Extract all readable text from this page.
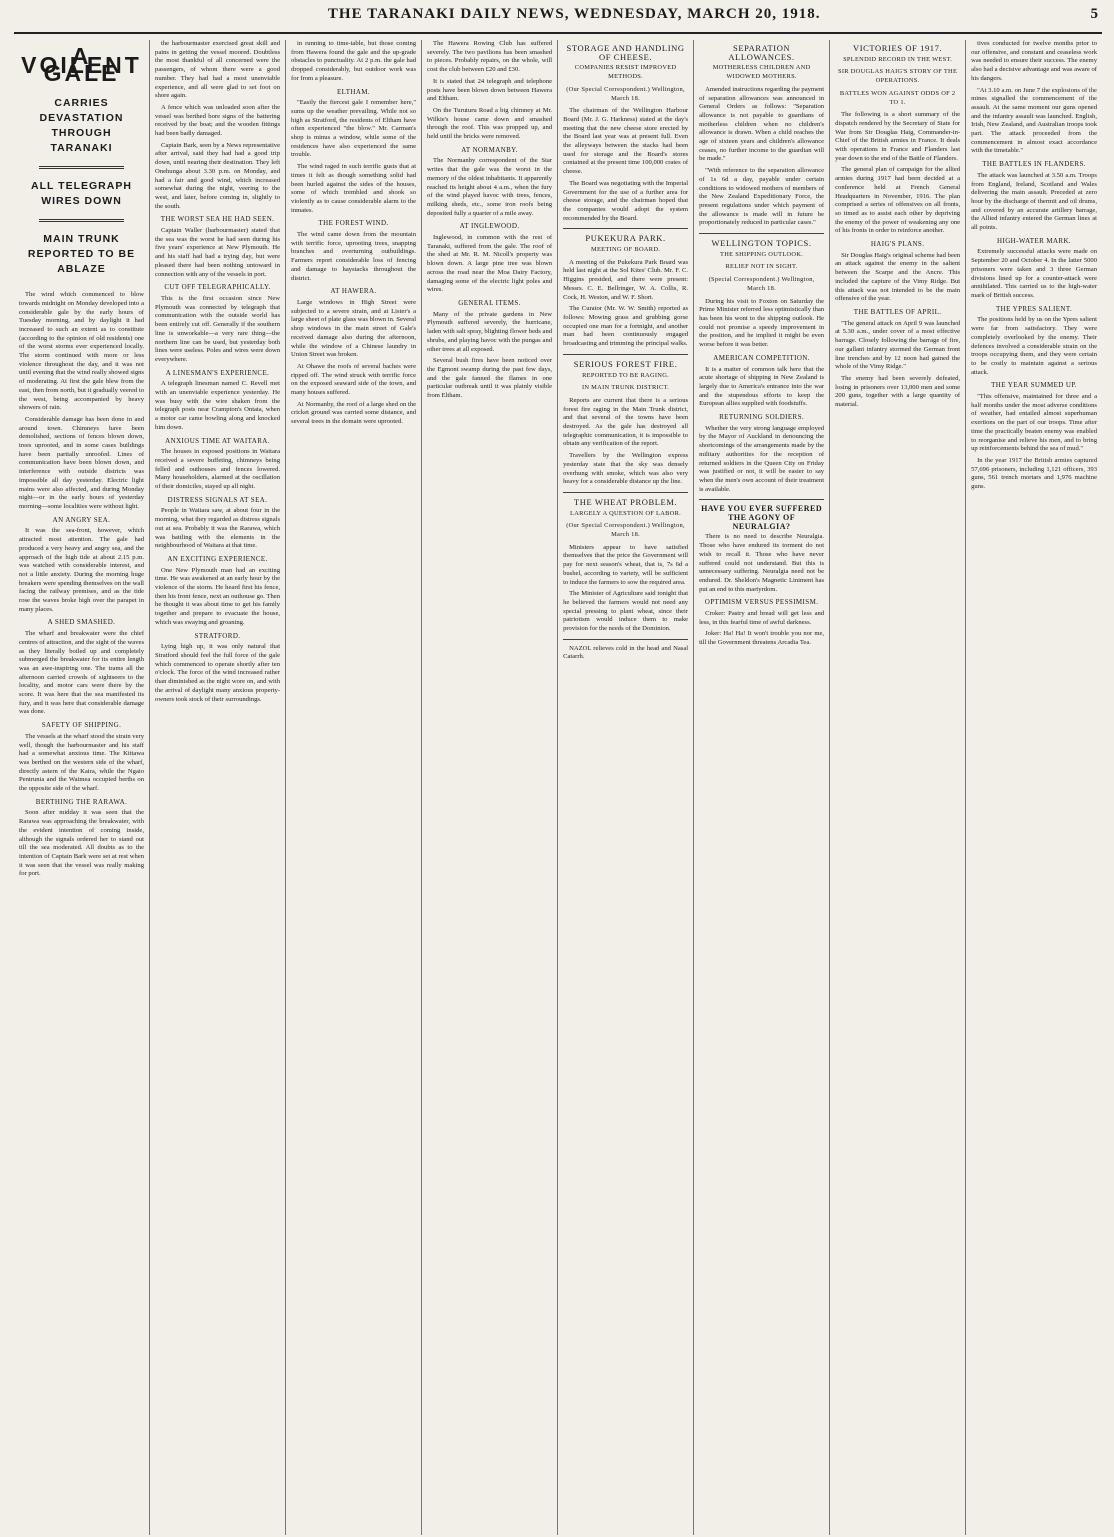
THE TARANAKI DAILY NEWS, WEDNESDAY, MARCH 20, 1918.	5
A VOILENT GALE
CARRIES DEVASTATION THROUGH TARANAKI
ALL TELEGRAPH WIRES DOWN
MAIN TRUNK REPORTED TO BE ABLAZE

The wind which commenced to blow towards midnight on Monday developed into a considerable gale by the early hours of Tuesday morning, and by daylight it had increased to such an extent as to constitute (according to the opinion of old residents) one of the worst storms ever experienced locally. The storm continued with more or less violence throughout the day, and it was not until evening that the wind really showed signs of moderating. At first the gale blew from the east, then from north, but it gradually veered to the west, being accompanied by heavy showers of rain.

Considerable damage has been done in and around town. Chimneys have been demolished, sections of fences blown down, trees uprooted, and in some cases buildings have been partially unroofed. Lines of communication have been blown down, and interference with outside districts was impossible all day yesterday. Electric light mains were also affected, and during Monday night—or in the early hours of yesterday morning—some localities were without light.

AN ANGRY SEA.

It was the sea-front, however, which attracted most attention. The gale had produced a very heavy and angry sea, and the approach of the high tide at about 2.15 p.m. was watched with considerable interest, and not a little anxiety. During the morning huge breakers were spending themselves on the wall facing the railway premises, and as the tide rose the waves broke high over the parapet in many places.

A SHED SMASHED.

The wharf and breakwater were the chief centres of attraction, and the sight of the waves as they literally boiled up and completely submerged the breakwater for its entire length was an awe-inspiring one. The trams all the afternoon carried crowds of sightseers to the locality, and motor cars were there by the score. It was here that the sea manifested its fury, and it was here that considerable damage was done.

SAFETY OF SHIPPING.

The vessels at the wharf stood the strain very well, though the harbourmaster and his staff had a somewhat anxious time. The Kittawa was berthed on the western side of the wharf, directly astern of the Kaira, while the Ngaio Pentrunia and the Waimea occupied berths on the opposite side of the wharf.

BERTHING THE RARAWA.

Soon after midday it was seen that the Rarawa was approaching the breakwater, with the evident intention of coming inside, although the signals ordered her to stand out till the sea moderated. All doubts as to the intention of Captain Bark were set at rest when it was seen that the vessel was really making for port.

the harbourmaster exercised great skill and pains in getting the vessel moored. Doubtless the most thankful of all concerned were the passengers, of whom there were a good number. They had had a most unenviable experience, and all were glad to set foot on shore again.

A fence which was unloaded soon after the vessel was berthed bore signs of the battering received by the boat; and the wooden fittings had been badly damaged.

Captain Bark, seen by a News representative after arrival, said they had had a good trip down, until nearing their destination. They left Onehunga about 3.30 p.m. on Monday, and had a fair and good wind, which increased somewhat during the night, veering to the west, and later, before coming in, slightly to the south.

THE WORST SEA HE HAD SEEN.

Captain Waller (harbourmaster) stated that the sea was the worst he had seen during his five years' experience at New Plymouth. He and his staff had had a trying day, but were pleased there had been nothing untoward in connection with any of the vessels in port.

CUT OFF TELEGRAPHICALLY.

This is the first occasion since New Plymouth was connected by telegraph that communication with the outside world has been entirely cut off. Generally if the southern line is unworkable—a very rare thing—the northern line can be used, but yesterday both lines were useless. Poles and wires were down everywhere.

A LINESMAN'S EXPERIENCE.

A telegraph linesman named C. Revell met with an unenviable experience yesterday. He was busy with the wire shaken from the telegraph posts near Crampton's Ontata, when a motor car came bowling along and knocked him down.

ANXIOUS TIME AT WAITARA.

The houses in exposed positions in Waitara received a severe buffeting, chimneys being felled and outhouses and fences lowered. Many householders, alarmed at the oscillation of their domiciles, stayed up all night.

DISTRESS SIGNALS AT SEA.

People in Waitara saw, at about four in the morning, what they regarded as distress signals out at sea. Probably it was the Rarawa, which was battling with the elements in the neighbourhood of Waitara at that time.

AN EXCITING EXPERIENCE.

One New Plymouth man had an exciting time. He was awakened at an early hour by the violence of the storm. He heard first his fence, then his front fence, next an outhouse go. Then he thought it was about time to get his family together and prepare to evacuate the house, which was swaying and groaning.

STRATFORD.

Lying high up, it was only natural that Stratford should feel the full force of the gale which commenced to operate shortly after ten o'clock. The force of the wind increased rather than diminished as the night wore on, and with the arrival of daylight many anxious property-owners took stock of their surroundings.

in running to time-table, but those coming from Hawera found the gale and the up-grade obstacles to punctuality. At 2 p.m. the gale had dropped considerably, but outdoor work was for from a pleasure.

ELTHAM.

"Easily the fiercest gale I remember here," sums up the weather prevailing. While not so high as Stratford, the residents of Eltham have often experienced "the blow." Mr. Carman's shop is minus a window, while some of the residences have also experienced the same trouble.

The wind raged in such terrific gusts that at times it felt as though something solid had been hurled against the sides of the houses, some of which trembled and shook so violently as to cause considerable alarm to the inmates.

THE FOREST WIND.

The wind came down from the mountain with terrific force, uprooting trees, snapping branches and overturning outbuildings. Farmers report considerable loss of fencing and damage to haystacks throughout the district.

AT HAWERA.

Large windows in High Street were subjected to a severe strain, and at Lister's a large sheet of plate glass was blown in. Several shop windows in the main street of Gale's received damage also during the afternoon, while the window of a Chinese laundry in Union Street was broken.

At Ohawe the roofs of several baches were ripped off. The wind struck with terrific force on the exposed seaward side of the town, and many houses suffered.

At Normanby, the roof of a large shed on the cricket ground was carried some distance, and several trees in the domain were uprooted.

The Hawera Rowing Club has suffered severely. The two pavilions has been smashed to pieces. Probably repairs, on the whole, will cost the club between £20 and £30.

It is stated that 24 telegraph and telephone posts have been blown down between Hawera and Eltham.

On the Turuturu Road a big chimney at Mr. Wilkie's house came down and smashed through the roof. This was propped up, and held until the bricks were removed.

AT NORMANBY.

The Normanby correspondent of the Star writes that the gale was the worst in the memory of the oldest inhabitants. It apparently reached its height about 4 a.m., when the fury of the wind played havoc with trees, fences, milking sheds, etc., some iron roofs being deposited fully a quarter of a mile away.

AT INGLEWOOD.

Inglewood, in common with the rest of Taranaki, suffered from the gale. The roof of the shed at Mr. R. M. Nicoll's property was blown down. A large pine tree was blown across the road near the Moa Dairy Factory, damaging some of the electric light poles and wires.

GENERAL ITEMS.

Many of the private gardens in New Plymouth suffered severely, the hurricane, laden with salt spray, blighting flower beds and shrubs, and playing havoc with the pungas and other trees at all exposed.

Several bush fires have been noticed over the Egmont swamp during the past few days, and the gale fanned the flames in one particular outbreak until it was plainly visible from Eltham.

STORAGE AND HANDLING OF CHEESE.
COMPANIES RESIST IMPROVED METHODS.
(Our Special Correspondent.) Wellington, March 18.

The chairman of the Wellington Harbour Board (Mr. J. G. Harkness) stated at the day's meeting that the new cheese store erected by the Board last year was at present full. Even the alleyways between the stacks had been used for storage and the Board's stores contained at the present time 100,000 crates of cheese.

The Board was negotiating with the Imperial Government for the use of a further area for cheese storage, and the chairman hoped that the companies would adopt the system recommended by the Board.

PUKEKURA PARK.
MEETING OF BOARD.

A meeting of the Pukekura Park Board was held last night at the Sol Kites' Club. Mr. F. C. Higgins presided, and there were present: Messrs. C. E. Bellringer, W. A. Collis, R. Cock, H. Weston, and W. F. Short.

The Curator (Mr. W. W. Smith) reported as follows: Mowing grass and grubbing gorse occupied one man for a fortnight, and another man had been continuously engaged broadcasting and trimming the principal walks.

SERIOUS FOREST FIRE.
REPORTED TO BE RAGING.
IN MAIN TRUNK DISTRICT.

Reports are current that there is a serious forest fire raging in the Main Trunk district, and that several of the towns have been destroyed. As the gale has destroyed all telegraphic communication, it is impossible to obtain any verification of the report.

Travellers by the Wellington express yesterday state that the sky was densely overhung with smoke, which was also very heavy for a considerable distance up the line.

THE WHEAT PROBLEM.
LARGELY A QUESTION OF LABOR.
(Our Special Correspondent.) Wellington, March 18.

Ministers appear to have satisfied themselves that the price the Government will pay for next season's wheat, that is, 7s 6d a bushel, according to variety, will be sufficient to induce the farmers to sow the required area.

The Minister of Agriculture said tonight that he believed the farmers would not need any special pressing to plant wheat, since their patriotism would induce them to make provision for the needs of the Dominion.

NAZOL relieves cold in the head and Nasal Catarrh.

SEPARATION ALLOWANCES.
MOTHERLESS CHILDREN AND WIDOWED MOTHERS.

Amended instructions regarding the payment of separation allowances was announced in General Orders as follows: "Separation allowance is not payable to guardians of motherless children when no children's allowance is drawn. When a child reaches the age of sixteen years and children's allowance ceases, no further income to the guardian will be made."

"With reference to the separation allowance of 1s 6d a day, payable under certain conditions to widowed mothers of members of the New Zealand Expeditionary Force, the present regulations under which payment of the allowance is made will in future be proportionately reduced in particular cases."

WELLINGTON TOPICS.
THE SHIPPING OUTLOOK.
RELIEF NOT IN SIGHT.
(Special Correspondent.) Wellington, March 18.

During his visit to Foxton on Saturday the Prime Minister referred less optimistically than has been his wont to the shipping outlook. He could not promise a speedy improvement in the position, and he implied it might be even worse before it was better.

AMERICAN COMPETITION.

It is a matter of common talk here that the acute shortage of shipping in New Zealand is largely due to America's entrance into the war and the stupendous efforts to keep the European allies supplied with foodstuffs.

RETURNING SOLDIERS.

Whether the very strong language employed by the Mayor of Auckland in denouncing the shortcomings of the arrangements made by the military authorities for the reception of returned soldiers in the Queen City on Friday was justified or not, it will be easier to say when the men's own account of their treatment is available.

HAVE YOU EVER SUFFERED THE AGONY OF NEURALGIA?

There is no need to describe Neuralgia. Those who have endured its torment do not wish to recall it. Those who have never suffered could not understand. But this is unnecessary suffering. Neuralgia need not be endured. Dr. Sheldon's Magnetic Liniment has put an end to this martyrdom.

OPTIMISM VERSUS PESSIMISM.

Croker: Pastry and bread will get less and less, in this fearful time of awful darkness.

Joker: Ha! Ha! It won't trouble you nor me, till the Government threatens Arcadia Tea.

VICTORIES OF 1917.
SPLENDID RECORD IN THE WEST.
SIR DOUGLAS HAIG'S STORY OF THE OPERATIONS.
BATTLES WON AGAINST ODDS OF 2 TO 1.

The following is a short summary of the dispatch rendered by the Secretary of State for War from Sir Douglas Haig, Commander-in-Chief of the British armies in France. It deals with operations in France and Flanders last year down to the end of the Battle of Flanders.

The general plan of campaign for the allied armies during 1917 had been decided at a conference held at French General Headquarters in November, 1916. The plan comprised a series of offensives on all fronts, so timed as to assist each other by depriving the enemy of the power of weakening any one of his fronts in order to reinforce another.

HAIG'S PLANS.

Sir Douglas Haig's original scheme had been an attack against the enemy in the salient between the Scarpe and the Ancre. This included the capture of the Vimy Ridge. But this attack was not intended to be the main offensive of the year.

THE BATTLES OF APRIL.

"The general attack on April 9 was launched at 5.30 a.m., under cover of a most effective barrage. Closely following the barrage of fire, our gallant infantry stormed the German front line trenches and by 12 noon had gained the whole of the Vimy Ridge."

The enemy had been severely defeated, losing in prisoners over 13,000 men and some 200 guns, together with a large quantity of material.

tives conducted for twelve months prior to our offensive, and constant and ceaseless work was needed to ensure their success. The enemy also had a decisive advantage and was aware of his dangers.

"At 3.10 a.m. on June 7 the explosions of the mines signalled the commencement of the assault. At the same moment our guns opened and the infantry assault was launched. English, Irish, New Zealand, and Australian troops took part. The attack proceeded from the commencement in almost exact accordance with the timetable."

THE BATTLES IN FLANDERS.

The attack was launched at 3.50 a.m. Troops from England, Ireland, Scotland and Wales delivering the main assault. Preceded at zero hour by the discharge of thermit and oil drums, and covered by an accurate artillery barrage, the Allied infantry entered the German lines at all points.

HIGH-WATER MARK.

Extremely successful attacks were made on September 20 and October 4. In the latter 5000 prisoners were taken and 3 three German divisions lined up for a counter-attack were annihilated. This carried us to the high-water mark of British success.

THE YPRES SALIENT.

The positions held by us on the Ypres salient were far from satisfactory. They were completely overlooked by the enemy. Their defences involved a considerable strain on the troops occupying them, and they were certain to be costly to maintain against a serious attack.

THE YEAR SUMMED UP.

"This offensive, maintained for three and a half months under the most adverse conditions of weather, had entailed almost superhuman exertions on the part of our troops. Time after time the practically beaten enemy was enabled to reorganise and relieve his men, and to bring up reinforcements behind the sea of mud."

In the year 1917 the British armies captured 57,696 prisoners, including 1,121 officers, 393 guns, 561 trench mortars and 1,976 machine guns.
